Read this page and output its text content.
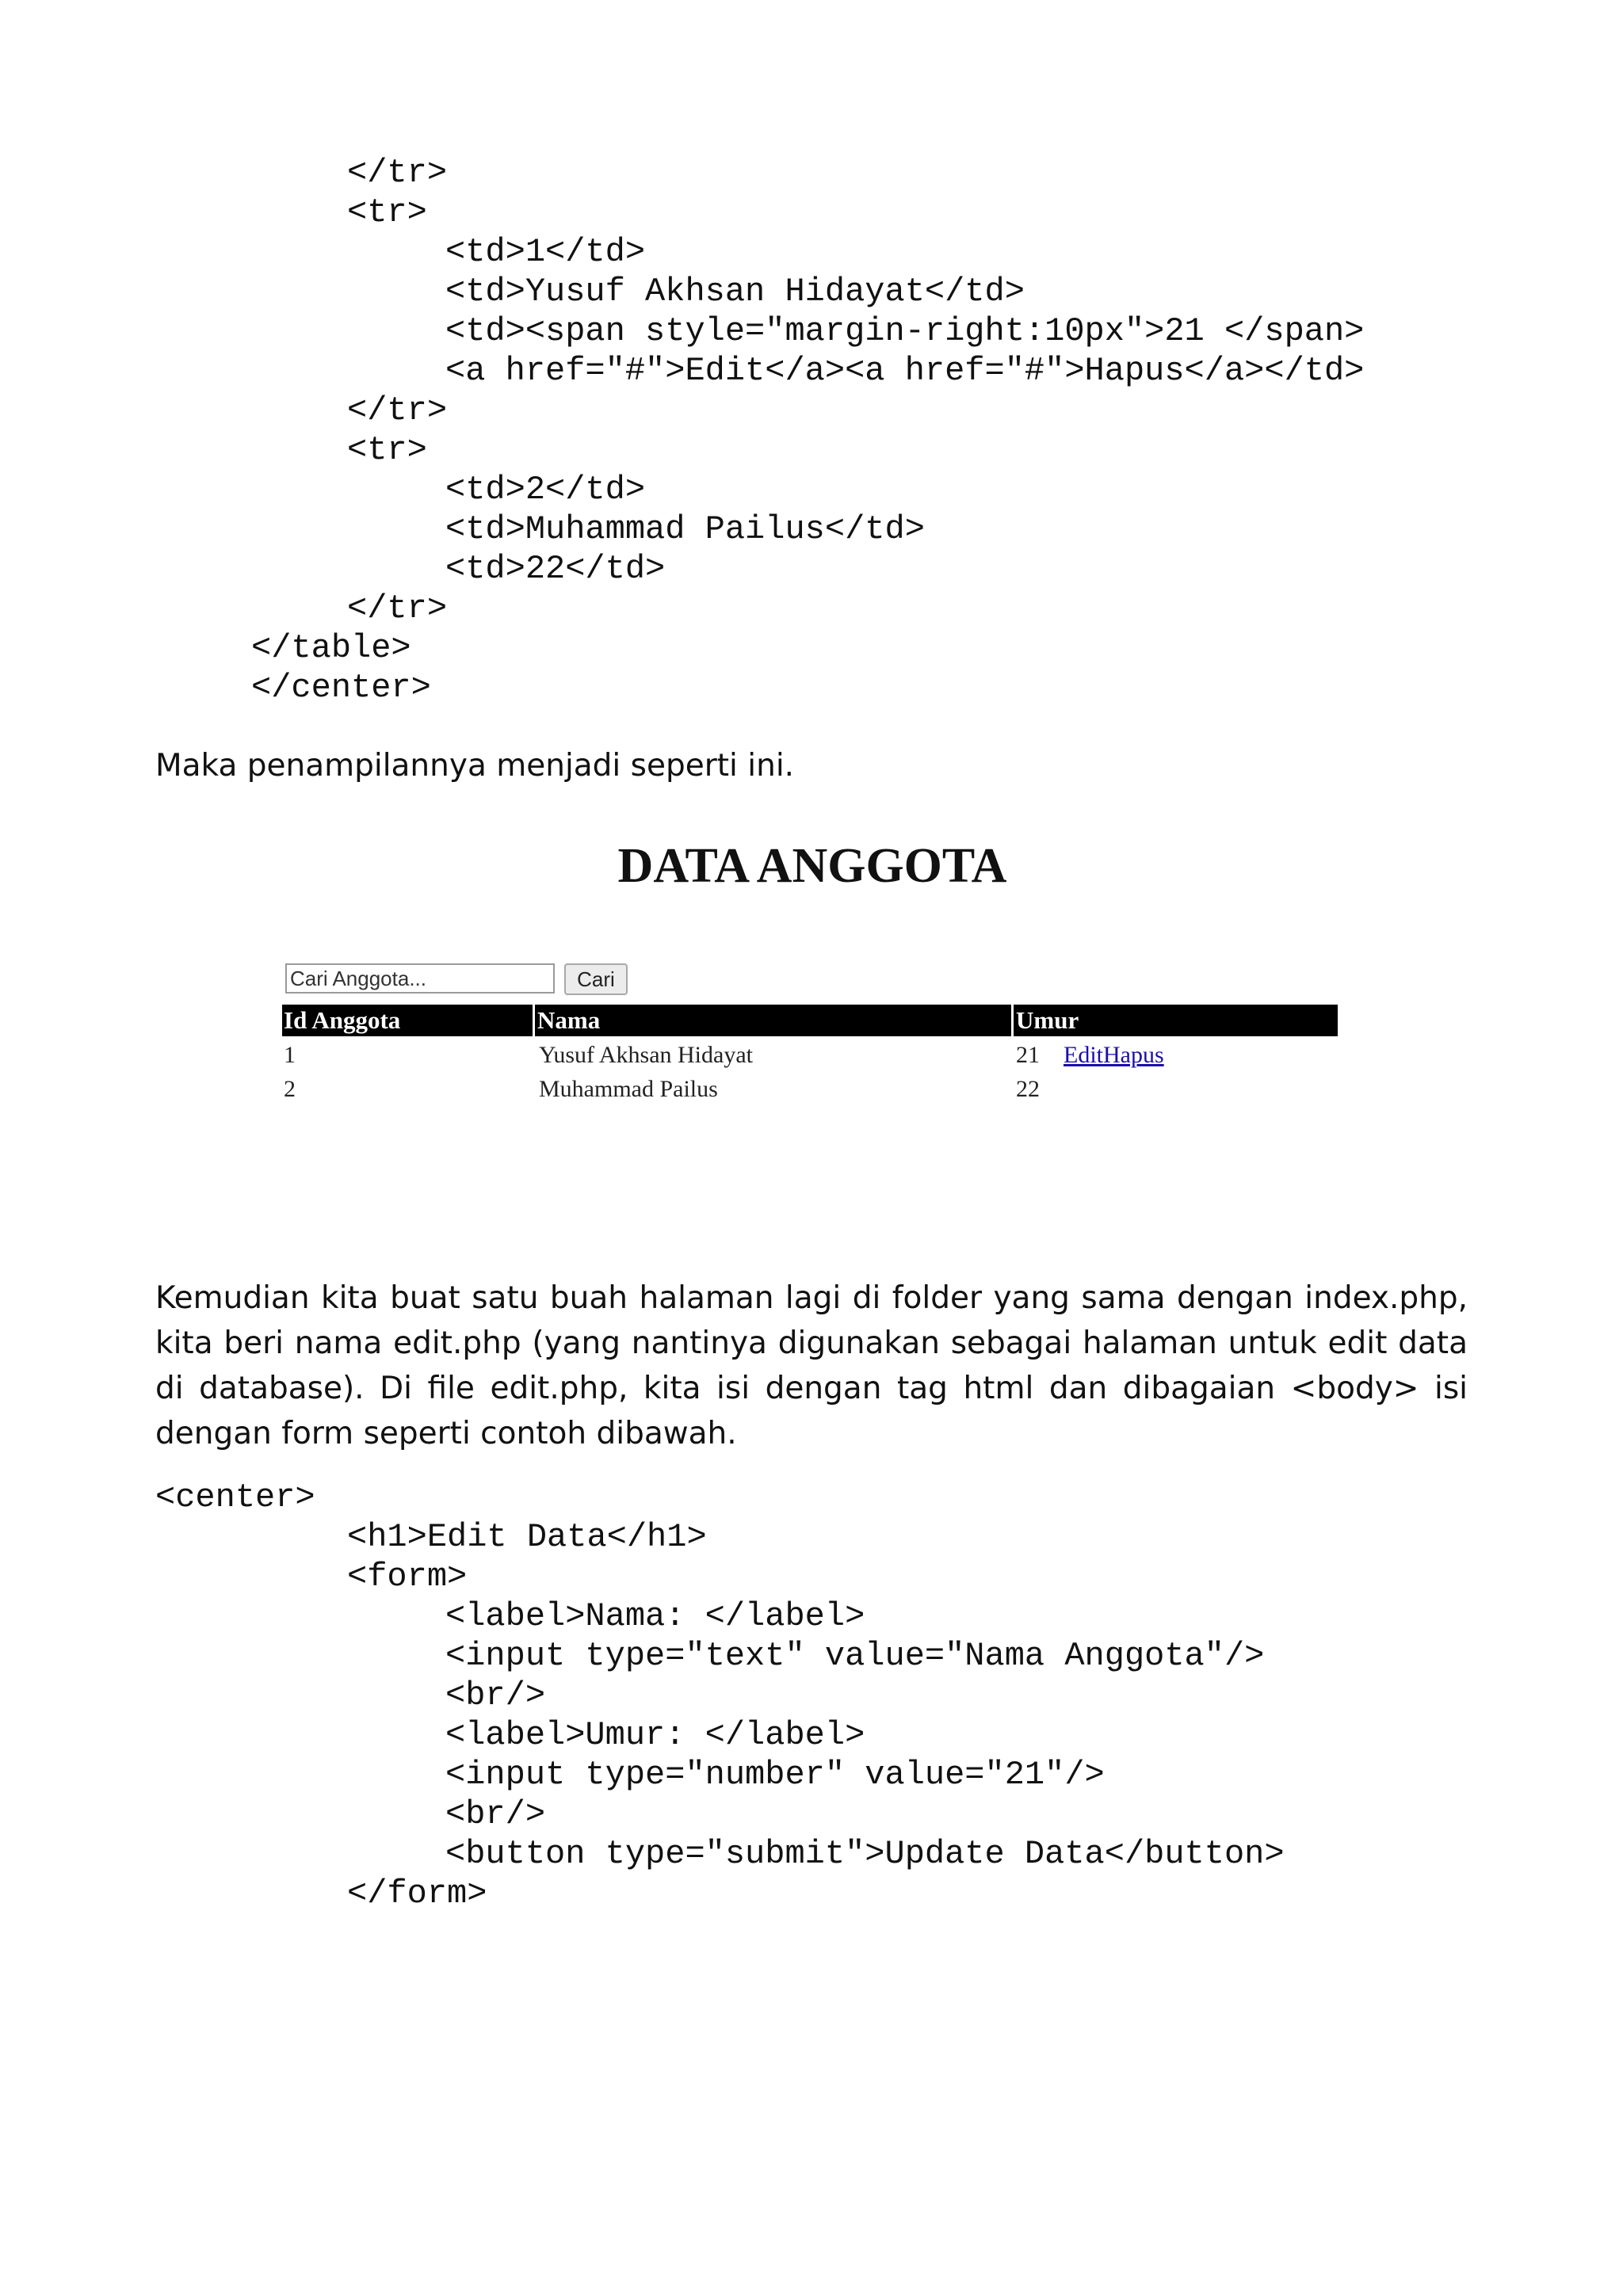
</tr>
<tr>
<td>1</td>
<td>Yusuf Akhsan Hidayat</td>
<td><span style="margin-right:10px">21 </span>
<a href="#">Edit</a><a href="#">Hapus</a></td>
</tr>
<tr>
<td>2</td>
<td>Muhammad Pailus</td>
<td>22</td>
</tr>
</table>
</center>

Maka penampilannya menjadi seperti ini.

DATA ANGGOTA
Cari Anggota...	Cari
Id Anggota	Nama	Umur
1	Yusuf Akhsan Hidayat	21 EditHapus
2	Muhammad Pailus	22

Kemudian kita buat satu buah halaman lagi di folder yang sama dengan index.php, kita beri nama edit.php (yang nantinya digunakan sebagai halaman untuk edit data di database). Di file edit.php, kita isi dengan tag html dan dibagaian <body> isi dengan form seperti contoh dibawah.

<center>
<h1>Edit Data</h1>
<form>
<label>Nama: </label>
<input type="text" value="Nama Anggota"/>
<br/>
<label>Umur: </label>
<input type="number" value="21"/>
<br/>
<button type="submit">Update Data</button>
</form>
